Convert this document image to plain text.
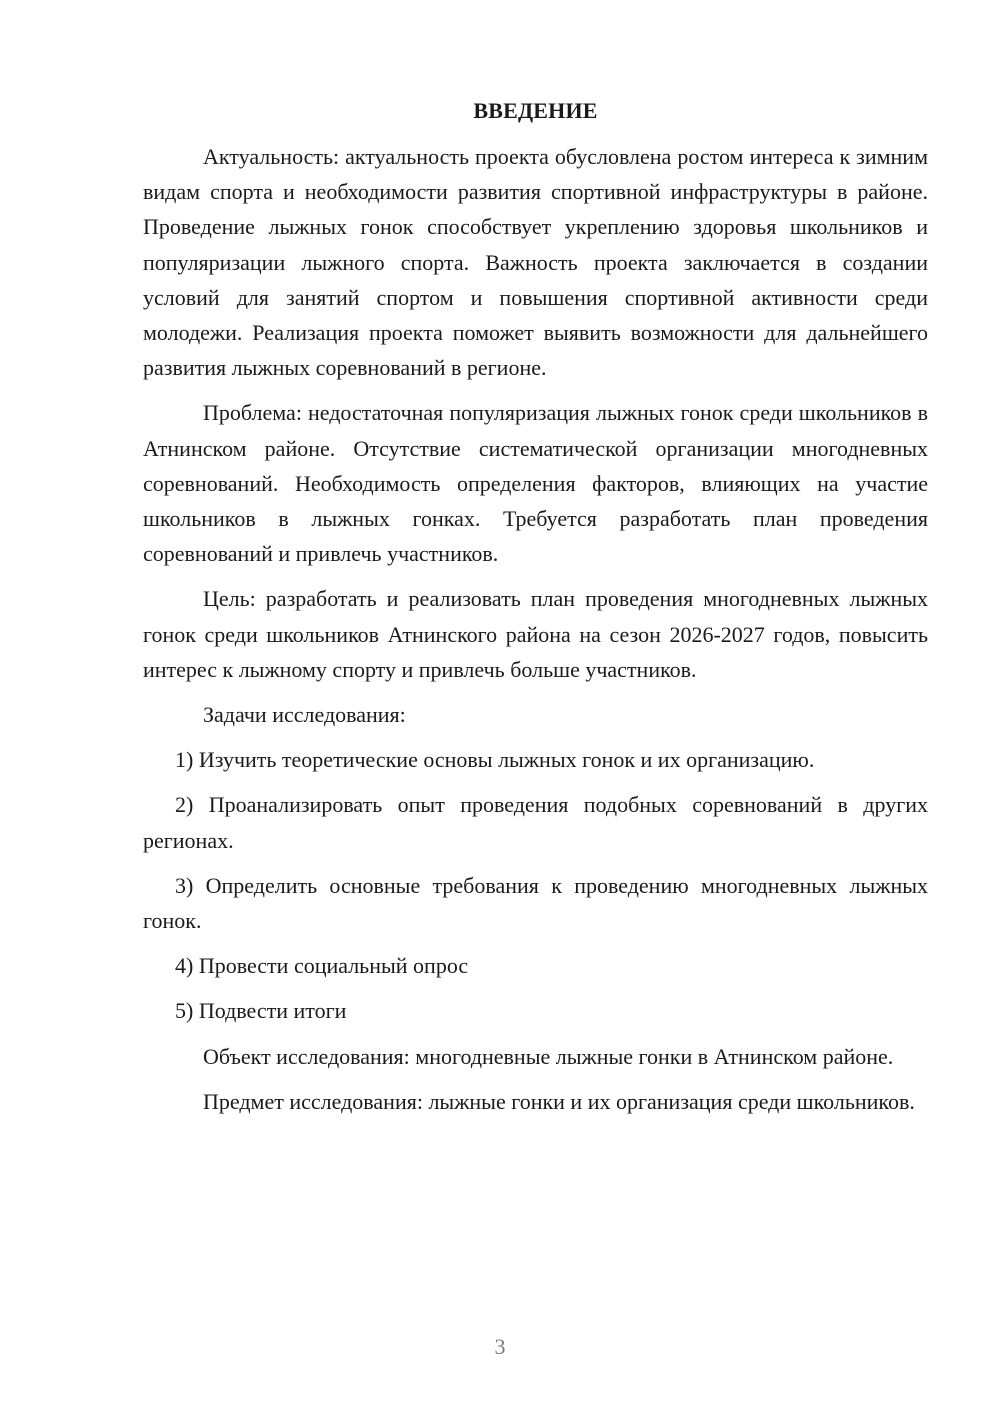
ВВЕДЕНИЕ

Актуальность: актуальность проекта обусловлена ростом интереса к зимним видам спорта и необходимости развития спортивной инфраструктуры в районе. Проведение лыжных гонок способствует укреплению здоровья школьников и популяризации лыжного спорта. Важность проекта заключается в создании условий для занятий спортом и повышения спортивной активности среди молодежи. Реализация проекта поможет выявить возможности для дальнейшего развития лыжных соревнований в регионе.

Проблема: недостаточная популяризация лыжных гонок среди школьников в Атнинском районе. Отсутствие систематической организации многодневных соревнований. Необходимость определения факторов, влияющих на участие школьников в лыжных гонках. Требуется разработать план проведения соревнований и привлечь участников.

Цель: разработать и реализовать план проведения многодневных лыжных гонок среди школьников Атнинского района на сезон 2026-2027 годов, повысить интерес к лыжному спорту и привлечь больше участников.

Задачи исследования:

1) Изучить теоретические основы лыжных гонок и их организацию.

2) Проанализировать опыт проведения подобных соревнований в других регионах.

3) Определить основные требования к проведению многодневных лыжных гонок.

4) Провести социальный опрос

5) Подвести итоги

Объект исследования: многодневные лыжные гонки в Атнинском районе.

Предмет исследования: лыжные гонки и их организация среди школьников.

3
